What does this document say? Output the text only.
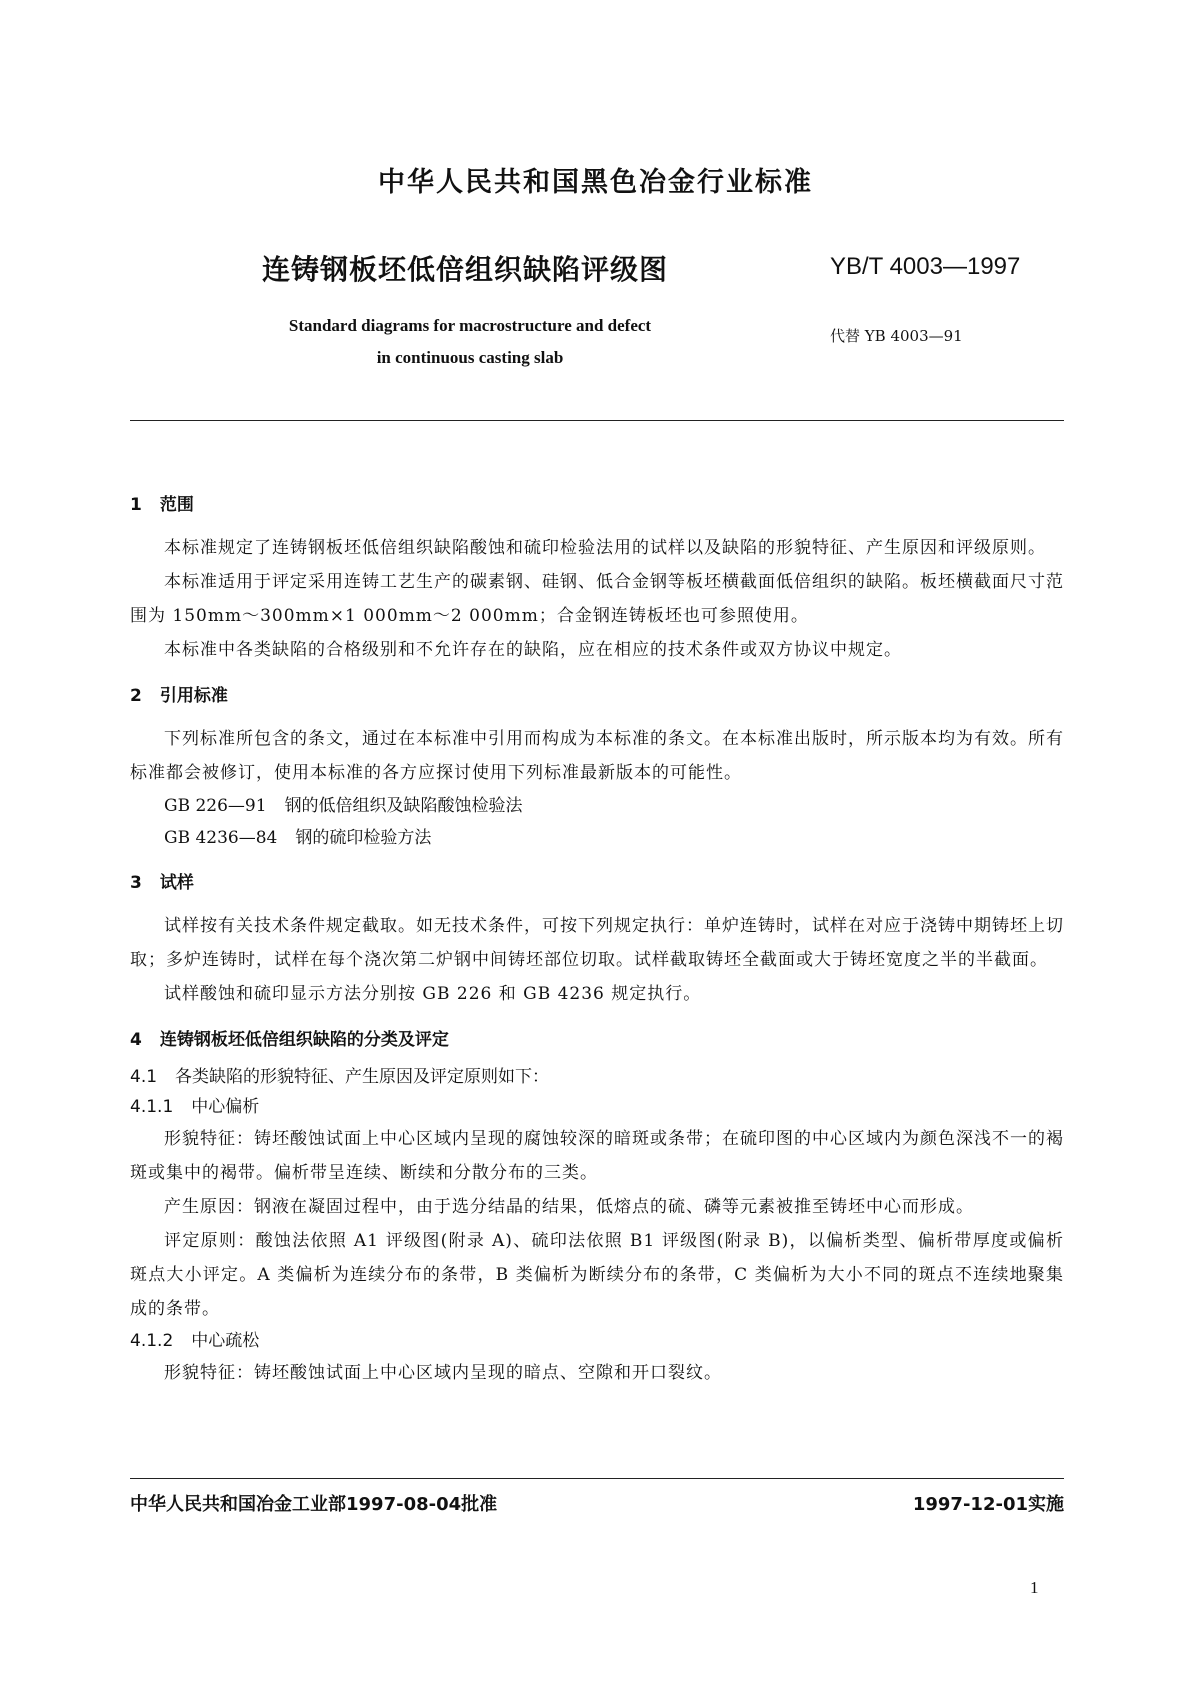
中华人民共和国黑色冶金行业标准
连铸钢板坯低倍组织缺陷评级图	YB/T 4003—1997
Standard diagrams for macrostructure and defect
in continuous casting slab
代替 YB 4003—91
1 范围

本标准规定了连铸钢板坯低倍组织缺陷酸蚀和硫印检验法用的试样以及缺陷的形貌特征、产生原因和评级原则。

本标准适用于评定采用连铸工艺生产的碳素钢、硅钢、低合金钢等板坯横截面低倍组织的缺陷。板坯横截面尺寸范围为 150mm～300mm×1 000mm～2 000mm；合金钢连铸板坯也可参照使用。

本标准中各类缺陷的合格级别和不允许存在的缺陷，应在相应的技术条件或双方协议中规定。

2 引用标准

下列标准所包含的条文，通过在本标准中引用而构成为本标准的条文。在本标准出版时，所示版本均为有效。所有标准都会被修订，使用本标准的各方应探讨使用下列标准最新版本的可能性。

GB 226—91 钢的低倍组织及缺陷酸蚀检验法
GB 4236—84 钢的硫印检验方法
3 试样

试样按有关技术条件规定截取。如无技术条件，可按下列规定执行：单炉连铸时，试样在对应于浇铸中期铸坯上切取；多炉连铸时，试样在每个浇次第二炉钢中间铸坯部位切取。试样截取铸坯全截面或大于铸坯宽度之半的半截面。

试样酸蚀和硫印显示方法分别按 GB 226 和 GB 4236 规定执行。

4 连铸钢板坯低倍组织缺陷的分类及评定
4.1 各类缺陷的形貌特征、产生原因及评定原则如下：
4.1.1 中心偏析

形貌特征：铸坯酸蚀试面上中心区域内呈现的腐蚀较深的暗斑或条带；在硫印图的中心区域内为颜色深浅不一的褐斑或集中的褐带。偏析带呈连续、断续和分散分布的三类。

产生原因：钢液在凝固过程中，由于选分结晶的结果，低熔点的硫、磷等元素被推至铸坯中心而形成。

评定原则：酸蚀法依照 A1 评级图(附录 A)、硫印法依照 B1 评级图(附录 B)，以偏析类型、偏析带厚度或偏析斑点大小评定。A 类偏析为连续分布的条带，B 类偏析为断续分布的条带，C 类偏析为大小不同的斑点不连续地聚集成的条带。

4.1.2 中心疏松

形貌特征：铸坯酸蚀试面上中心区域内呈现的暗点、空隙和开口裂纹。

中华人民共和国冶金工业部1997-08-04批准	1997-12-01实施
1
